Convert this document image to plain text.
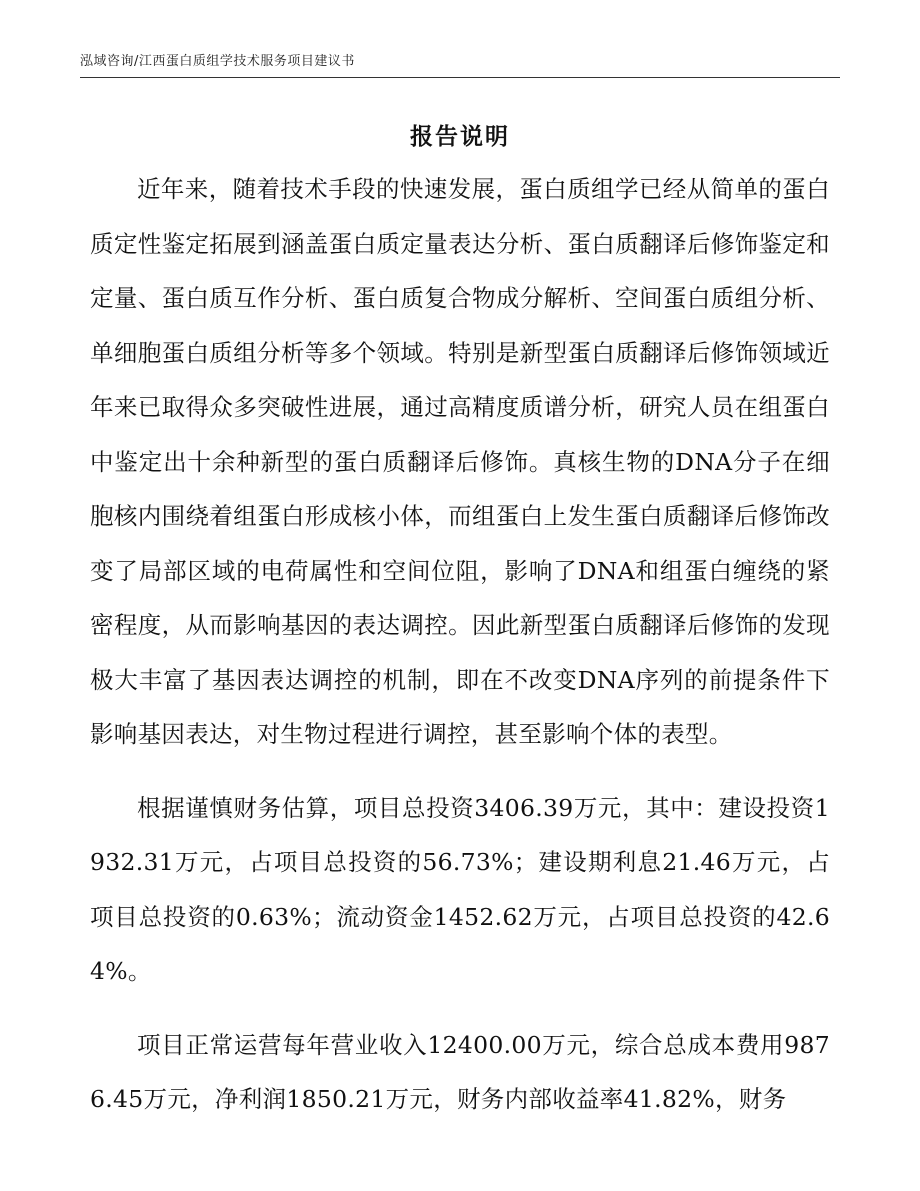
泓域咨询/江西蛋白质组学技术服务项目建议书
报告说明

近年来，随着技术手段的快速发展，蛋白质组学已经从简单的蛋白质定性鉴定拓展到涵盖蛋白质定量表达分析、蛋白质翻译后修饰鉴定和定量、蛋白质互作分析、蛋白质复合物成分解析、空间蛋白质组分析、单细胞蛋白质组分析等多个领域。特别是新型蛋白质翻译后修饰领域近年来已取得众多突破性进展，通过高精度质谱分析，研究人员在组蛋白中鉴定出十余种新型的蛋白质翻译后修饰。真核生物的DNA分子在细胞核内围绕着组蛋白形成核小体，而组蛋白上发生蛋白质翻译后修饰改变了局部区域的电荷属性和空间位阻，影响了DNA和组蛋白缠绕的紧密程度，从而影响基因的表达调控。因此新型蛋白质翻译后修饰的发现极大丰富了基因表达调控的机制，即在不改变DNA序列的前提条件下影响基因表达，对生物过程进行调控，甚至影响个体的表型。

根据谨慎财务估算，项目总投资3406.39万元，其中：建设投资1932.31万元，占项目总投资的56.73%；建设期利息21.46万元，占项目总投资的0.63%；流动资金1452.62万元，占项目总投资的42.64%。

项目正常运营每年营业收入12400.00万元，综合总成本费用9876.45万元，净利润1850.21万元，财务内部收益率41.82%，财务
